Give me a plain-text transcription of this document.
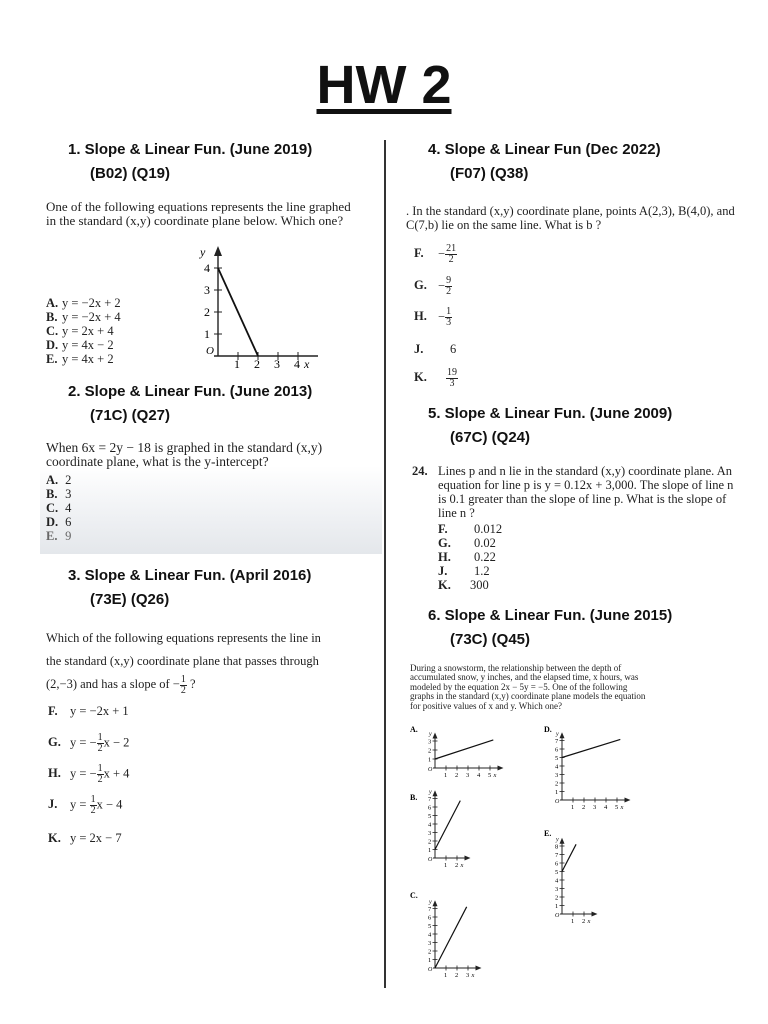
HW 2
1. Slope & Linear Fun. (June 2019)
(B02) (Q19)
One of the following equations represents the line graphed in the standard (x,y) coordinate plane below. Which one?
A. y = −2x + 2
B. y = −2x + 4
C. y = 2x + 4
D. y = 4x − 2
E. y = 4x + 2
y
x
O
4
3
2
1
1 2 3 4
2. Slope & Linear Fun. (June 2013)
(71C) (Q27)
When 6x = 2y − 18 is graphed in the standard (x,y) coordinate plane, what is the y-intercept?
A. 2
B. 3
C. 4
D. 6
E. 9
3. Slope & Linear Fun. (April 2016)
(73E) (Q26)
Which of the following equations represents the line in
the standard (x,y) coordinate plane that passes through
(2,−3) and has a slope of − $\frac{1}{2}$ ?
F. y = −2x + 1
G. y = − $\frac{1}{2}$ x − 2
H. y = − $\frac{1}{2}$ x + 4
J. $y = \frac{1}{2}$ x − 4
K. y = 2x − 7
4. Slope & Linear Fun (Dec 2022)
(F07) (Q38)
. In the standard (x,y) coordinate plane, points A(2,3), B(4,0), and C(7,b) lie on the same line. What is b ?
F. − $\frac{21}{2}$
G. − $\frac{9}{2}$
H. − $\frac{1}{3}$
J. 6
K. $\frac{19}{3}$
5. Slope & Linear Fun. (June 2009)
(67C) (Q24)
24. Lines p and n lie in the standard (x,y) coordinate plane. An equation for line p is y = 0.12x + 3,000. The slope of line n is 0.1 greater than the slope of line p. What is the slope of line n ?
F. 0.012
G. 0.02
H. 0.22
J. 1.2
K. 300
6. Slope & Linear Fun. (June 2015)
(73C) (Q45)
During a snowstorm, the relationship between the depth of accumulated snow, y inches, and the elapsed time, x hours, was modeled by the equation 2x − 5y = −5. One of the following graphs in the standard (x,y) coordinate plane models the equation for positive values of x and y. Which one?
A.
y
O
3
2
1
1 2 3 4 5 x
B.
y
O
7
6
5
4
3
2
1
1 2 x
C.
y
O
7
6
5
4
3
2
1
1 2 3 x
D.
y
O
7
6
5
4
3
2
1
1 2 3 4 5 x
E.
y
O
8
7
6
5
4
3
2
1
1 2 x
